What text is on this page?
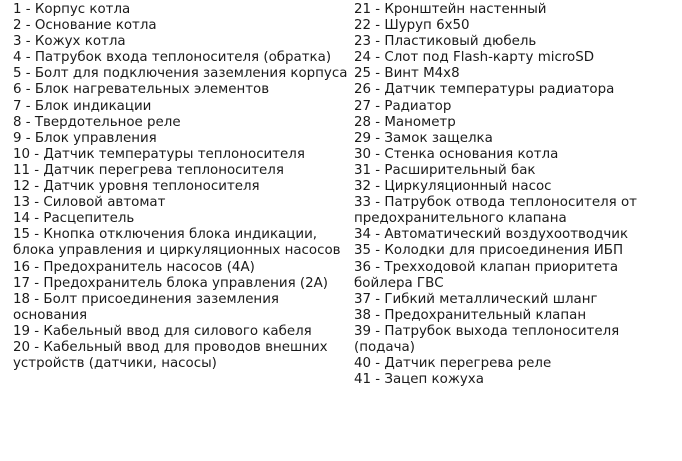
1 - Корпус котла
2 - Основание котла
3 - Кожух котла
4 - Патрубок входа теплоносителя (обратка)
5 - Болт для подключения заземления корпуса
6 - Блок нагревательных элементов
7 - Блок индикации
8 - Твердотельное реле
9 - Блок управления
10 - Датчик температуры теплоносителя
11 - Датчик перегрева теплоносителя
12 - Датчик уровня теплоносителя
13 - Силовой автомат
14 - Расцепитель
15 - Кнопка отключения блока индикации, блока управления и циркуляционных насосов
16 - Предохранитель насосов (4А)
17 - Предохранитель блока управления (2А)
18 - Болт присоединения заземления основания
19 - Кабельный ввод для силового кабеля
20 - Кабельный ввод для проводов внешних устройств (датчики, насосы)
21 - Кронштейн настенный
22 - Шуруп 6х50
23 - Пластиковый дюбель
24 - Слот под Flash-карту microSD
25 - Винт М4х8
26 - Датчик температуры радиатора
27 - Радиатор
28 - Манометр
29 - Замок защелка
30 - Стенка основания котла
31 - Расширительный бак
32 - Циркуляционный насос
33 - Патрубок отвода теплоносителя от предохранительного клапана
34 - Автоматический воздухоотводчик
35 - Колодки для присоединения ИБП
36 - Трехходовой клапан приоритета бойлера ГВС
37 - Гибкий металлический шланг
38 - Предохранительный клапан
39 - Патрубок выхода теплоносителя (подача)
40 - Датчик перегрева реле
41 - Зацеп кожуха
